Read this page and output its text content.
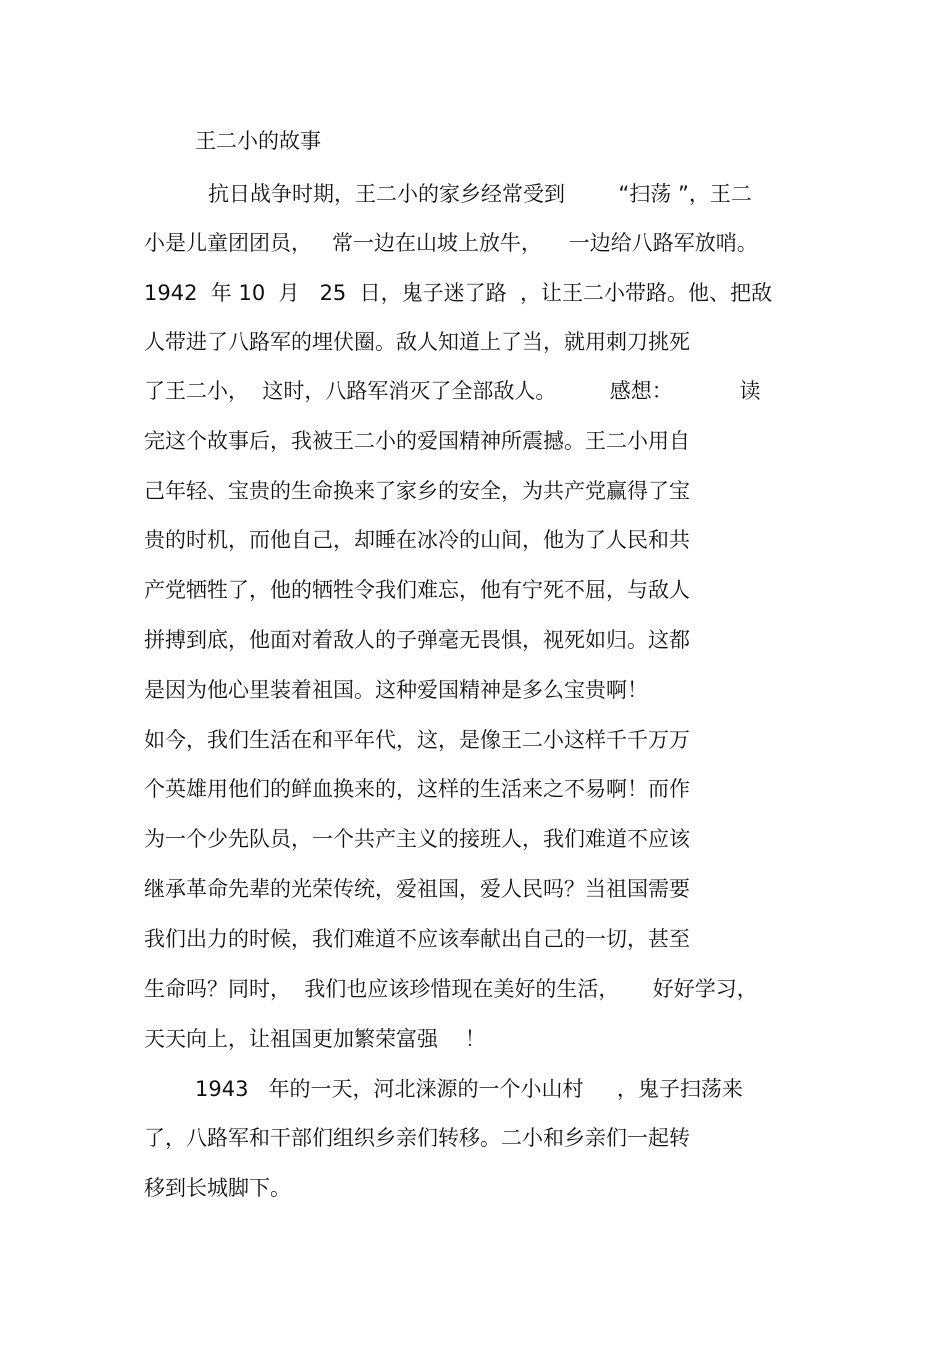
王二小的故事
抗日战争时期，王二小的家乡经常受到        “扫荡 ”，王二
小是儿童团团员，   常一边在山坡上放牛，    一边给八路军放哨。
1942  年 10  月   25  日，鬼子迷了路  ，让王二小带路。他、把敌
人带进了八路军的埋伏圈。敌人知道上了当，就用刺刀挑死
了王二小，  这时，八路军消灭了全部敌人。        感想：          读
完这个故事后，我被王二小的爱国精神所震撼。王二小用自
己年轻、宝贵的生命换来了家乡的安全，为共产党赢得了宝
贵的时机，而他自己，却睡在冰冷的山间，他为了人民和共
产党牺牲了，他的牺牲令我们难忘，他有宁死不屈，与敌人
拼搏到底，他面对着敌人的子弹毫无畏惧，视死如归。这都
是因为他心里装着祖国。这种爱国精神是多么宝贵啊！
如今，我们生活在和平年代，这，是像王二小这样千千万万
个英雄用他们的鲜血换来的，这样的生活来之不易啊！而作
为一个少先队员，一个共产主义的接班人，我们难道不应该
继承革命先辈的光荣传统，爱祖国，爱人民吗？当祖国需要
我们出力的时候，我们难道不应该奉献出自己的一切，甚至
生命吗？同时，  我们也应该珍惜现在美好的生活，     好好学习，
天天向上，让祖国更加繁荣富强    ！
1943   年的一天，河北涞源的一个小山村     ，鬼子扫荡来
了，八路军和干部们组织乡亲们转移。二小和乡亲们一起转
移到长城脚下。
